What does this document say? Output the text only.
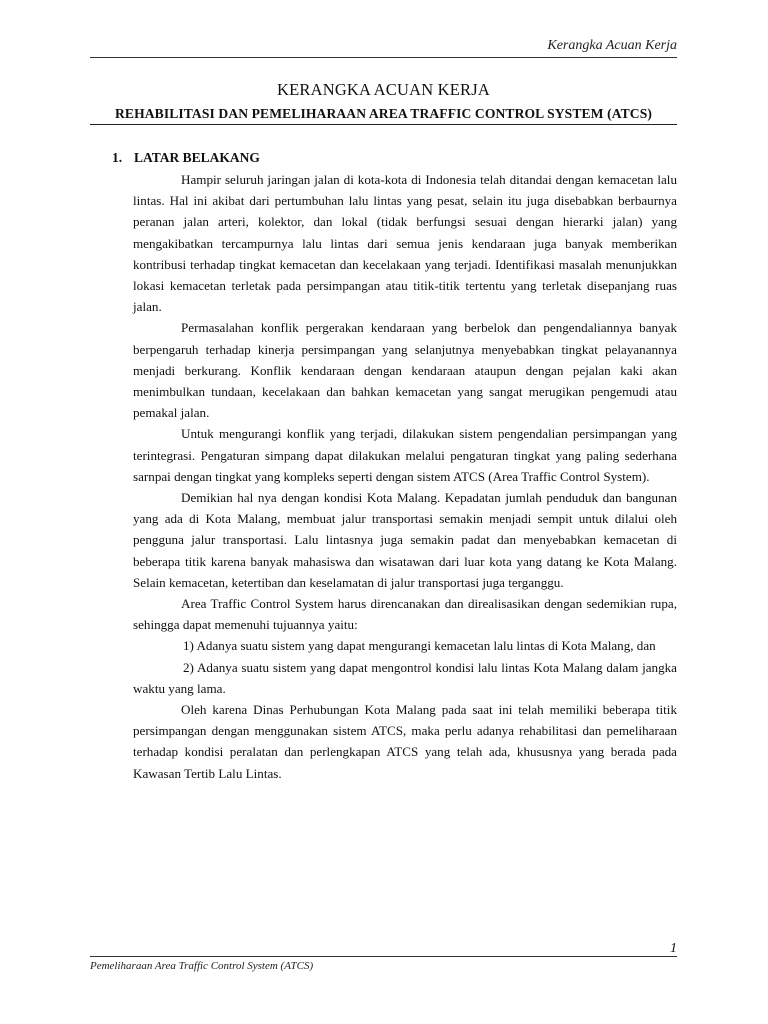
Kerangka Acuan Kerja
KERANGKA ACUAN KERJA
REHABILITASI DAN PEMELIHARAAN AREA TRAFFIC CONTROL SYSTEM (ATCS)
1. LATAR BELAKANG

Hampir seluruh jaringan jalan di kota-kota di Indonesia telah ditandai dengan kemacetan lalu lintas. Hal ini akibat dari pertumbuhan lalu lintas yang pesat, selain itu juga disebabkan berbaurnya peranan jalan arteri, kolektor, dan lokal (tidak berfungsi sesuai dengan hierarki jalan) yang mengakibatkan tercampurnya lalu lintas dari semua jenis kendaraan juga banyak memberikan kontribusi terhadap tingkat kemacetan dan kecelakaan yang terjadi. Identifikasi masalah menunjukkan lokasi kemacetan terletak pada persimpangan atau titik-titik tertentu yang terletak disepanjang ruas jalan.

Permasalahan konflik pergerakan kendaraan yang berbelok dan pengendaliannya banyak berpengaruh terhadap kinerja persimpangan yang selanjutnya menyebabkan tingkat pelayanannya menjadi berkurang. Konflik kendaraan dengan kendaraan ataupun dengan pejalan kaki akan menimbulkan tundaan, kecelakaan dan bahkan kemacetan yang sangat merugikan pengemudi atau pemakal jalan.

Untuk mengurangi konflik yang terjadi, dilakukan sistem pengendalian persimpangan yang terintegrasi. Pengaturan simpang dapat dilakukan melalui pengaturan tingkat yang paling sederhana sarnpai dengan tingkat yang kompleks seperti dengan sistem ATCS (Area Traffic Control System).

Demikian hal nya dengan kondisi Kota Malang. Kepadatan jumlah penduduk dan bangunan yang ada di Kota Malang, membuat jalur transportasi semakin menjadi sempit untuk dilalui oleh pengguna jalur transportasi. Lalu lintasnya juga semakin padat dan menyebabkan kemacetan di beberapa titik karena banyak mahasiswa dan wisatawan dari luar kota yang datang ke Kota Malang. Selain kemacetan, ketertiban dan keselamatan di jalur transportasi juga terganggu.

Area Traffic Control System harus direncanakan dan direalisasikan dengan sedemikian rupa, sehingga dapat memenuhi tujuannya yaitu:

1) Adanya suatu sistem yang dapat mengurangi kemacetan lalu lintas di Kota Malang, dan

2) Adanya suatu sistem yang dapat mengontrol kondisi lalu lintas Kota Malang dalam jangka waktu yang lama.

Oleh karena Dinas Perhubungan Kota Malang pada saat ini telah memiliki beberapa titik persimpangan dengan menggunakan sistem ATCS, maka perlu adanya rehabilitasi dan pemeliharaan terhadap kondisi peralatan dan perlengkapan ATCS yang telah ada, khususnya yang berada pada Kawasan Tertib Lalu Lintas.

1
Pemeliharaan Area Traffic Control System (ATCS)
